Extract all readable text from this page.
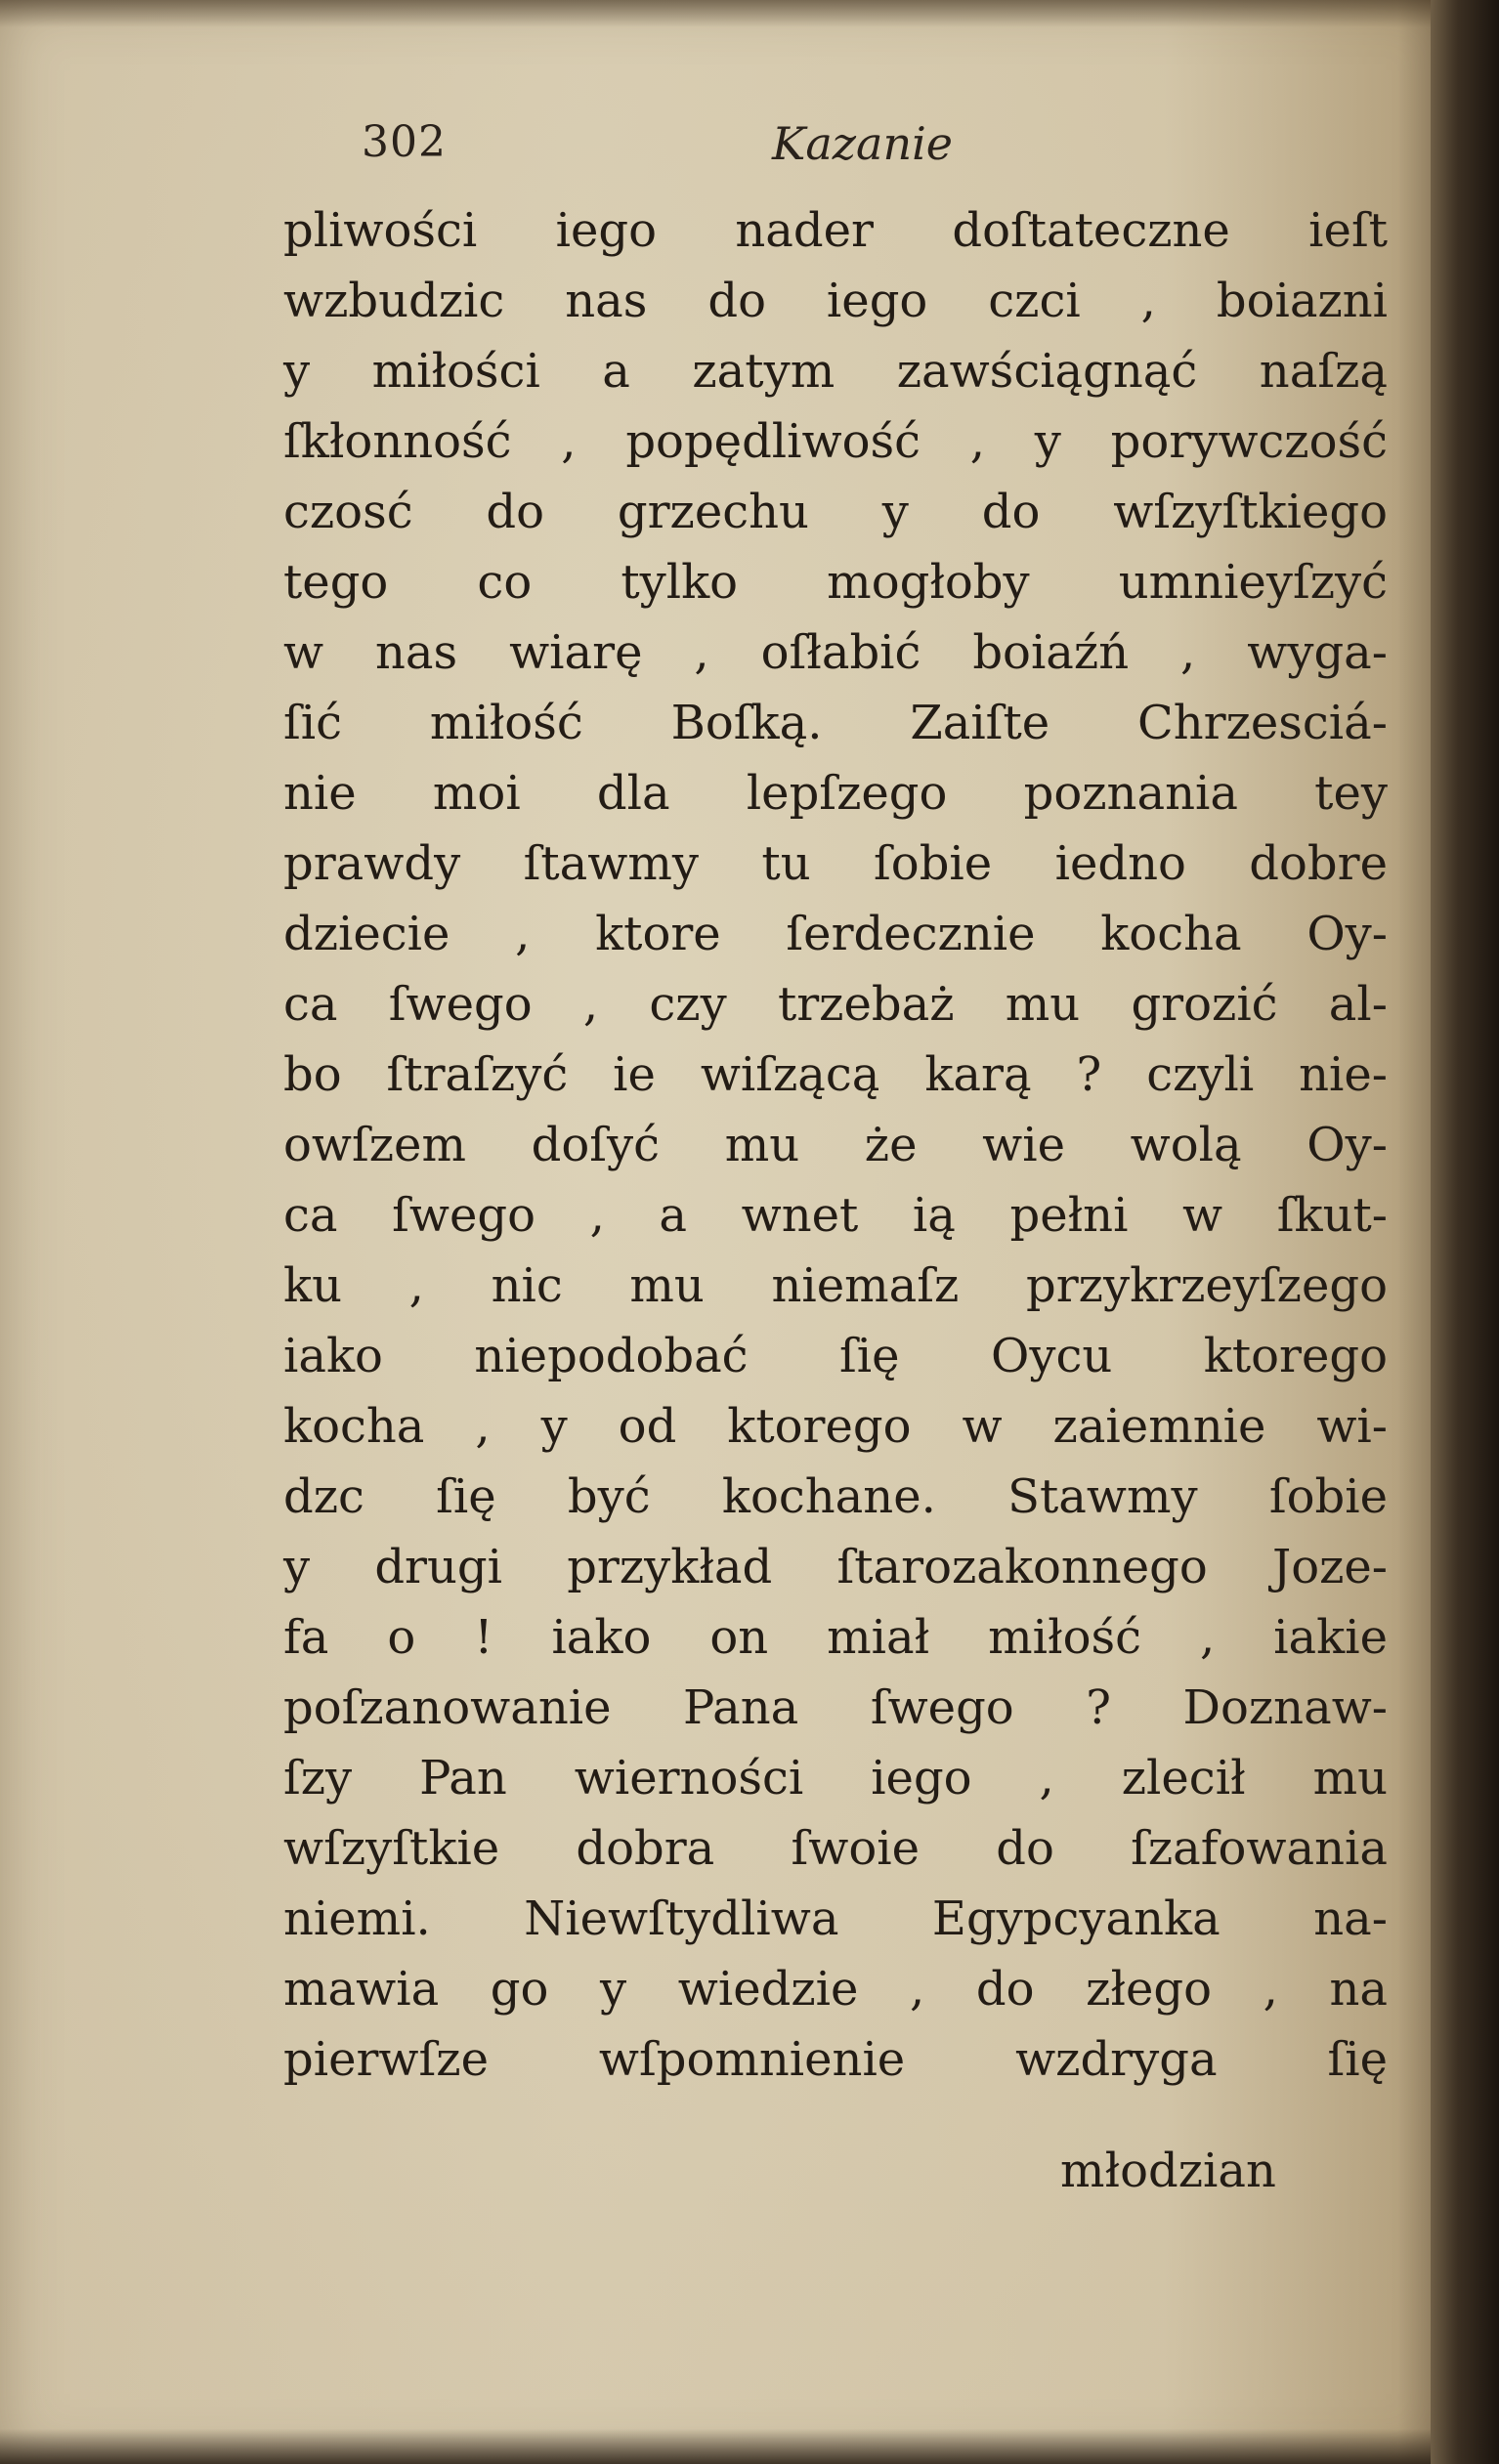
302	Kazanie
pliwości iego nader doſtateczne ieſt
wzbudzic nas do iego czci , boiazni
y miłości a zatym zawściągnąć naſzą
ſkłonność , popędliwość , y porywczość
czosć do grzechu y do wſzyſtkiego
tego co tylko mogłoby umnieyſzyć
w nas wiarę , oſłabić boiaźń , wyga-
ſić miłość Boſką. Zaiſte Chrzesciá-
nie moi dla lepſzego poznania tey
prawdy ſtawmy tu ſobie iedno dobre
dziecie , ktore ſerdecznie kocha Oy-
ca ſwego , czy trzebaż mu grozić al-
bo ſtraſzyć ie wiſzącą karą ? czyli nie-
owſzem doſyć mu że wie wolą Oy-
ca ſwego , a wnet ią pełni w ſkut-
ku , nic mu niemaſz przykrzeyſzego
iako niepodobać ſię Oycu ktorego
kocha , y od ktorego w zaiemnie wi-
dzc ſię być kochane. Stawmy ſobie
y drugi przykład ſtarozakonnego Joze-
fa o ! iako on miał miłość , iakie
poſzanowanie Pana ſwego ? Doznaw-
ſzy Pan wierności iego , zlecił mu
wſzyſtkie dobra ſwoie do ſzafowania
niemi. Niewſtydliwa Egypcyanka na-
mawia go y wiedzie , do złego , na
pierwſze wſpomnienie wzdryga ſię
młodzian
